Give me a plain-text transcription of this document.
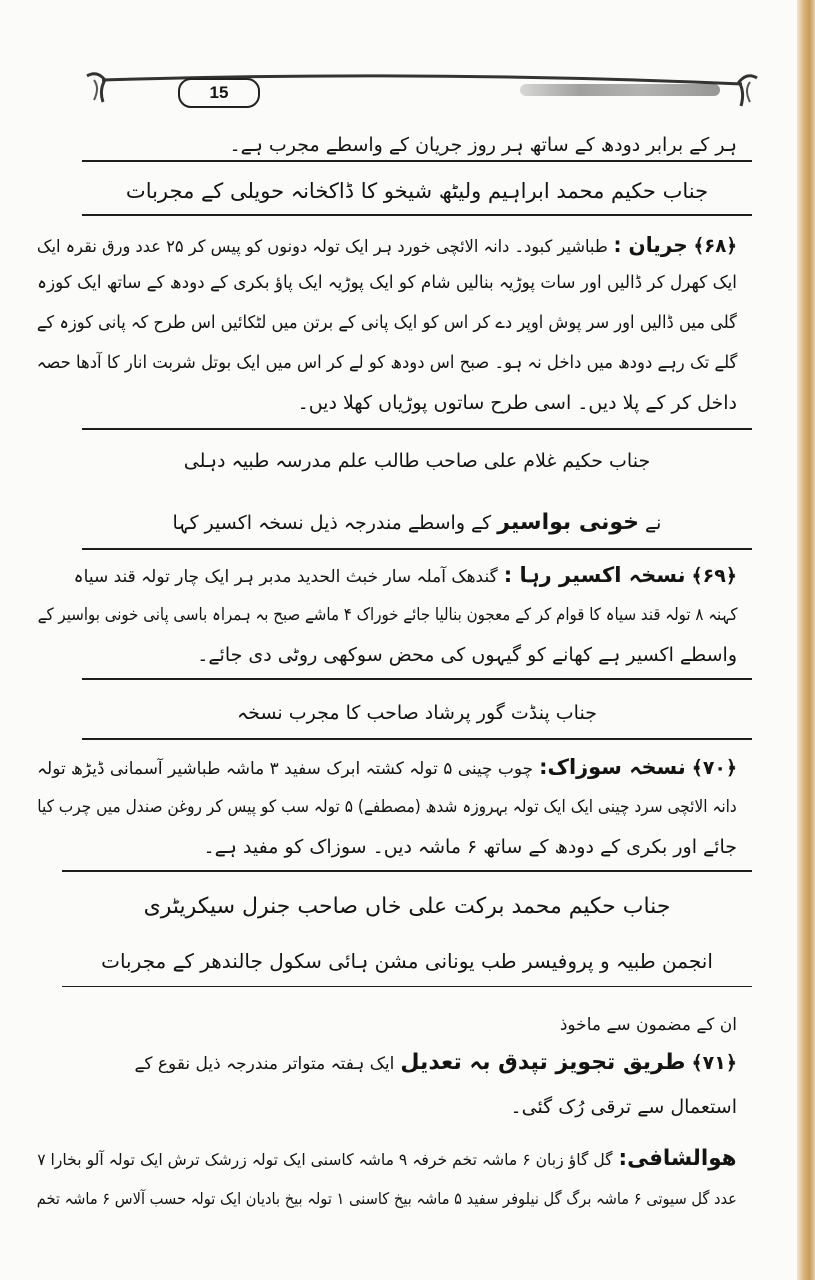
15
ہر کے برابر دودھ کے ساتھ ہر روز جریان کے واسطے مجرب ہے۔
جناب حکیم محمد ابراہیم ولیٹھ شیخو کا ڈاکخانہ حویلی کے مجربات
﴿۶۸﴾ جریان : طباشیر کبود۔ دانہ الائچی خورد ہر ایک تولہ دونوں کو پیس کر ۲۵ عدد ورق نقرہ ایک
ایک کھرل کر ڈالیں اور سات پوڑیہ بنالیں شام کو ایک پوڑیہ ایک پاؤ بکری کے دودھ کے ساتھ ایک کوزہ
گلی میں ڈالیں اور سر پوش اوپر دے کر اس کو ایک پانی کے برتن میں لٹکائیں اس طرح کہ پانی کوزہ کے
گلے تک رہے دودھ میں داخل نہ ہو۔ صبح اس دودھ کو لے کر اس میں ایک بوتل شربت انار کا آدھا حصہ
داخل کر کے پلا دیں۔ اسی طرح ساتوں پوڑیاں کھلا دیں۔
جناب حکیم غلام علی صاحب طالب علم مدرسہ طبیہ دہلی
نے خونی بواسیر کے واسطے مندرجہ ذیل نسخہ اکسیر کہا
﴿۶۹﴾ نسخہ اکسیر رہا : گندھک آملہ سار خبث الحدید مدبر ہر ایک چار تولہ قند سیاہ
کہنہ ۸ تولہ قند سیاہ کا قوام کر کے معجون بنالیا جائے خوراک ۴ ماشے صبح بہ ہمراہ باسی پانی خونی بواسیر کے
واسطے اکسیر ہے کھانے کو گیہوں کی محض سوکھی روٹی دی جائے۔
جناب پنڈت گور پرشاد صاحب کا مجرب نسخہ
﴿۷۰﴾ نسخہ سوزاک: چوب چینی ۵ تولہ کشتہ ابرک سفید ۳ ماشہ طباشیر آسمانی ڈیڑھ تولہ
دانہ الائچی سرد چینی ایک ایک تولہ بہروزہ شدھ (مصطفے) ۵ تولہ سب کو پیس کر روغن صندل میں چرب کیا
جائے اور بکری کے دودھ کے ساتھ ۶ ماشہ دیں۔ سوزاک کو مفید ہے۔
جناب حکیم محمد برکت علی خاں صاحب جنرل سیکریٹری
انجمن طبیہ و پروفیسر طب یونانی مشن ہائی سکول جالندھر کے مجربات
ان کے مضمون سے ماخوذ
﴿۷۱﴾ طریق تجویز تپدق بہ تعدیل ایک ہفتہ متواتر مندرجہ ذیل نقوع کے
استعمال سے ترقی رُک گئی۔
ھوالشافی: گل گاؤ زبان ۶ ماشہ تخم خرفہ ۹ ماشہ کاسنی ایک تولہ زرشک ترش ایک تولہ آلو بخارا ۷
عدد گل سیوتی ۶ ماشہ برگ گل نیلوفر سفید ۵ ماشہ بیخ کاسنی ۱ تولہ بیخ بادیان ایک تولہ حسب آلاس ۶ ماشہ تخم
